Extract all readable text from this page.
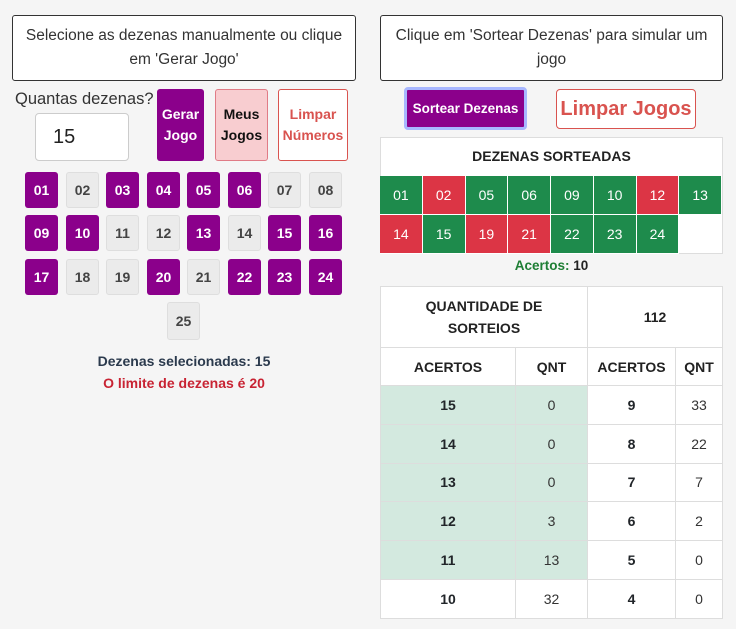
Selecione as dezenas manualmente ou clique em 'Gerar Jogo'
Clique em 'Sortear Dezenas' para simular um jogo
Quantas dezenas?
15
Gerar
Jogo
Meus
Jogos
Limpar
Números
01	02	03	04	05	06	07	08
09	10	11	12	13	14	15	16
17	18	19	20	21	22	23	24
25
Dezenas selecionadas: 15
O limite de dezenas é 20
Sortear Dezenas	Limpar Jogos
DEZENAS SORTEADAS
01	02	05	06	09	10	12	13
14	15	19	21	22	23	24
Acertos: 10
QUANTIDADE DE SORTEIOS		112	
ACERTOS	QNT	ACERTOS	QNT
15	0	9	33
14	0	8	22
13	0	7	7
12	3	6	2
11	13	5	0
10	32	4	0
